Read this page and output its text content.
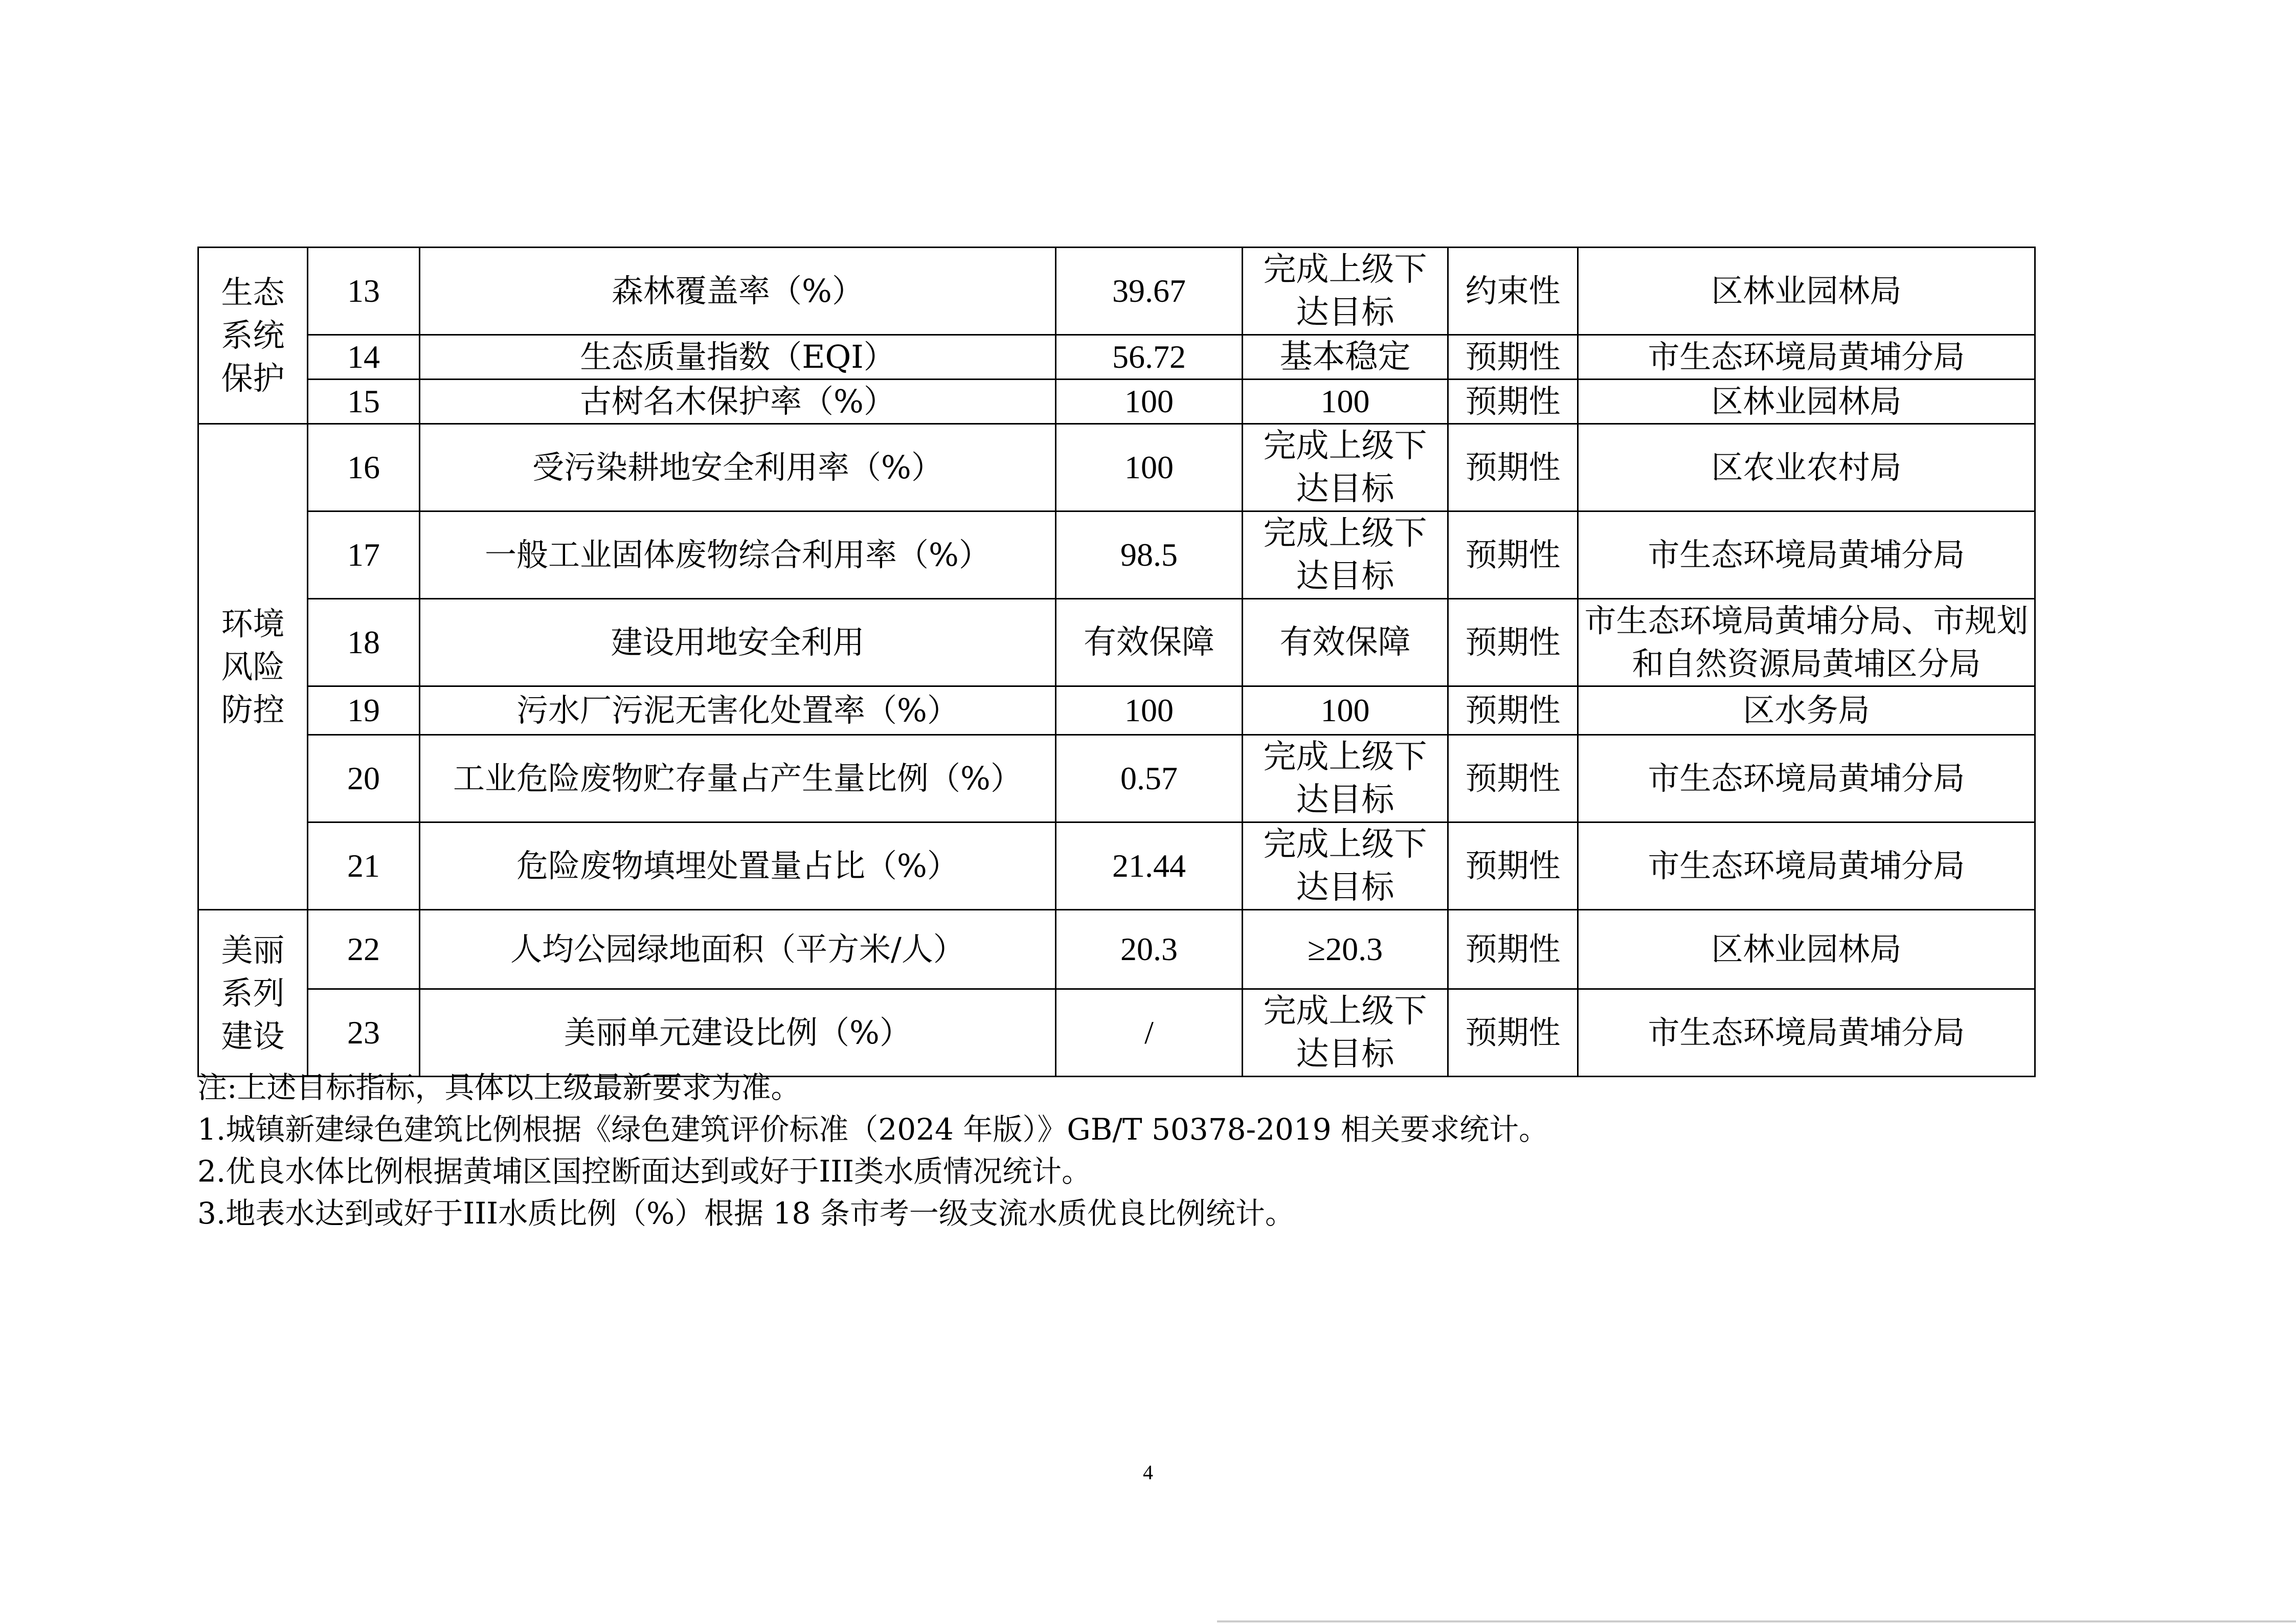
生态系统保护	13	森林覆盖率（%）	39.67	完成上级下达目标	约束性	区林业园林局
	14	生态质量指数（EQI）	56.72	基本稳定	预期性	市生态环境局黄埔分局
	15	古树名木保护率（%）	100	100	预期性	区林业园林局
环境风险防控	16	受污染耕地安全利用率（%）	100	完成上级下达目标	预期性	区农业农村局
	17	一般工业固体废物综合利用率（%）	98.5	完成上级下达目标	预期性	市生态环境局黄埔分局
	18	建设用地安全利用	有效保障	有效保障	预期性	市生态环境局黄埔分局、市规划和自然资源局黄埔区分局
	19	污水厂污泥无害化处置率（%）	100	100	预期性	区水务局
	20	工业危险废物贮存量占产生量比例（%）	0.57	完成上级下达目标	预期性	市生态环境局黄埔分局
	21	危险废物填埋处置量占比（%）	21.44	完成上级下达目标	预期性	市生态环境局黄埔分局
美丽系列建设	22	人均公园绿地面积（平方米/人）	20.3	≥20.3	预期性	区林业园林局
	23	美丽单元建设比例（%）	/	完成上级下达目标	预期性	市生态环境局黄埔分局
注:上述目标指标，具体以上级最新要求为准。
1.城镇新建绿色建筑比例根据《绿色建筑评价标准（2024 年版）》GB/T 50378-2019 相关要求统计。
2.优良水体比例根据黄埔区国控断面达到或好于III类水质情况统计。
3.地表水达到或好于III水质比例（%）根据 18 条市考一级支流水质优良比例统计。
4
